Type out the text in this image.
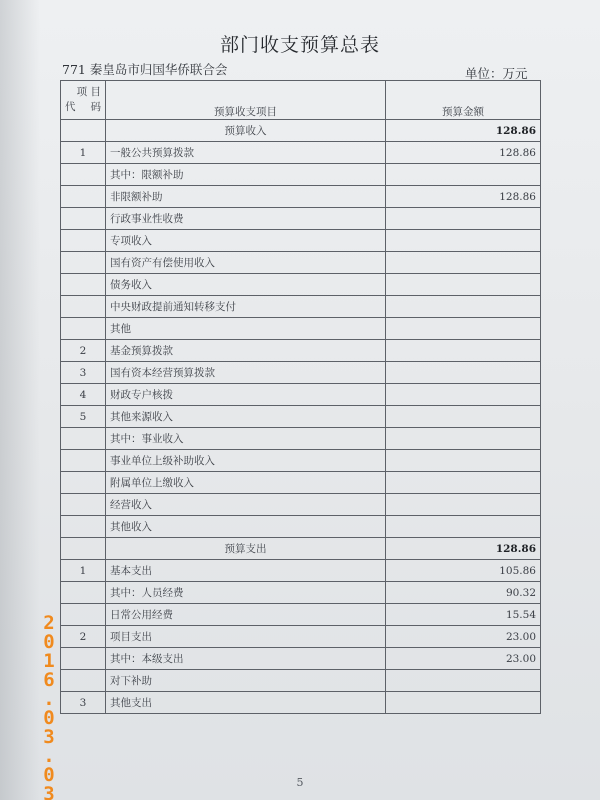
部门收支预算总表
771 秦皇岛市归国华侨联合会	单位：万元
项 目
代 码	预算收支项目	预算金额
	预算收入	128.86
1	一般公共预算拨款	128.86
	其中：限额补助	
	非限额补助	128.86
	行政事业性收费	
	专项收入	
	国有资产有偿使用收入	
	债务收入	
	中央财政提前通知转移支付	
	其他	
2	基金预算拨款	
3	国有资本经营预算拨款	
4	财政专户核拨	
5	其他来源收入	
	其中：事业收入	
	事业单位上级补助收入	
	附属单位上缴收入	
	经营收入	
	其他收入	
	预算支出	128.86
1	基本支出	105.86
	其中：人员经费	90.32
	日常公用经费	15.54
2	项目支出	23.00
	其中：本级支出	23.00
	对下补助	
3	其他支出	
2
0
1
6
.
0
3
.
0
3
5
